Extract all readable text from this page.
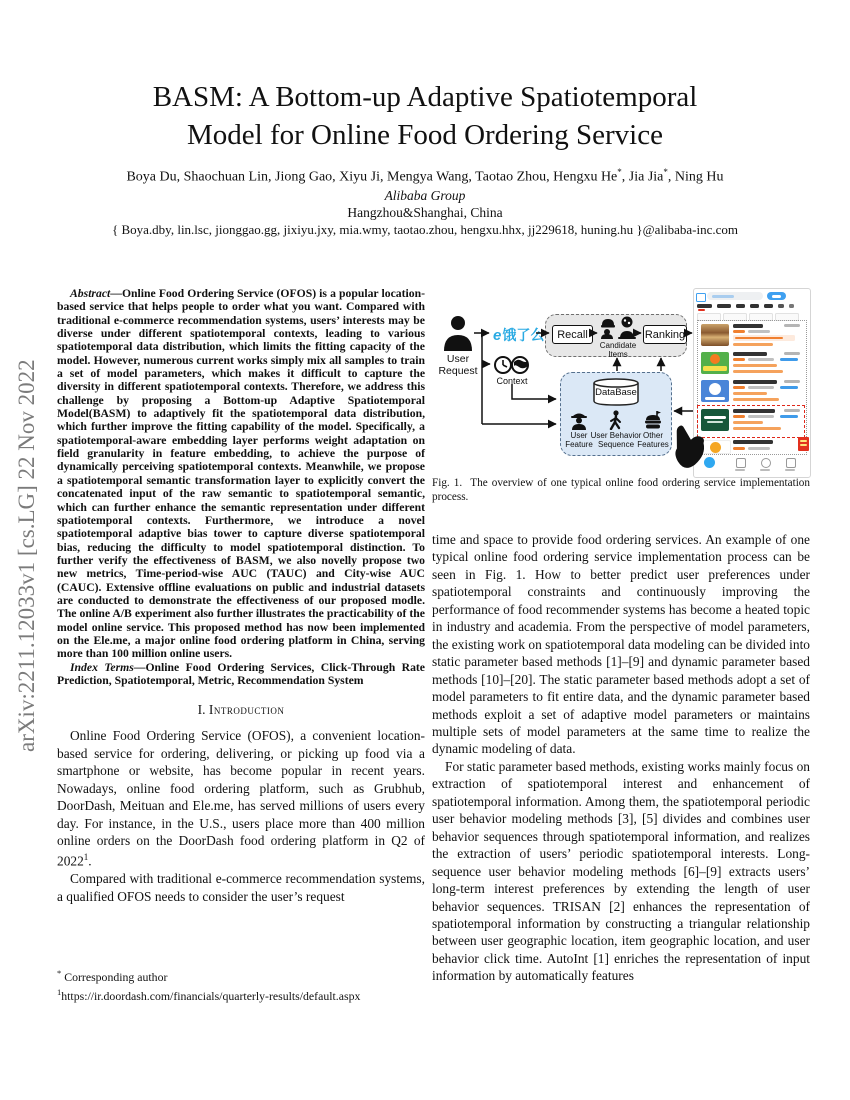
arXiv:2211.12033v1 [cs.LG] 22 Nov 2022
BASM: A Bottom-up Adaptive Spatiotemporal
Model for Online Food Ordering Service
Boya Du, Shaochuan Lin, Jiong Gao, Xiyu Ji, Mengya Wang, Taotao Zhou, Hengxu He*, Jia Jia*, Ning Hu
Alibaba Group
Hangzhou&Shanghai, China
{ Boya.dby, lin.lsc, jionggao.gg, jixiyu.jxy, mia.wmy, taotao.zhou, hengxu.hhx, jj229618, huning.hu }@alibaba-inc.com

Abstract—Online Food Ordering Service (OFOS) is a popular location-based service that helps people to order what you want. Compared with traditional e-commerce recommendation systems, users’ interests may be diverse under different spatiotemporal contexts, leading to various spatiotemporal data distribution, which limits the fitting capacity of the model. However, numerous current works simply mix all samples to train a set of model parameters, which makes it difficult to capture the diversity in different spatiotemporal contexts. Therefore, we address this challenge by proposing a Bottom-up Adaptive Spatiotemporal Model(BASM) to adaptively fit the spatiotemporal data distribution, which further improve the fitting capability of the model. Specifically, a spatiotemporal-aware embedding layer performs weight adaptation on field granularity in feature embedding, to achieve the purpose of dynamically perceiving spatiotemporal contexts. Meanwhile, we propose a spatiotemporal semantic transformation layer to explicitly convert the concatenated input of the raw semantic to spatiotemporal semantic, which can further enhance the semantic representation under different spatiotemporal contexts. Furthermore, we introduce a novel spatiotemporal adaptive bias tower to capture diverse spatiotemporal bias, reducing the difficulty to model spatiotemporal distinction. To further verify the effectiveness of BASM, we also novelly propose two new metrics, Time-period-wise AUC (TAUC) and City-wise AUC (CAUC). Extensive offline evaluations on public and industrial datasets are conducted to demonstrate the effectiveness of our proposed modle. The online A/B experiment also further illustrates the practicability of the model online service. This proposed method has now been implemented on the Ele.me, a major online food ordering platform in China, serving more than 100 million online users.

Index Terms—Online Food Ordering Services, Click-Through Rate Prediction, Spatiotemporal, Metric, Recommendation System

I. Introduction

Online Food Ordering Service (OFOS), a convenient location-based service for ordering, delivering, or picking up food via a smartphone or website, has become popular in recent years. Nowadays, online food ordering platform, such as Grubhub, DoorDash, Meituan and Ele.me, has served millions of users every day. For instance, in the U.S., users place more than 400 million online orders on the DoorDash food ordering platform in Q2 of 2022$^1$.

Compared with traditional e-commerce recommendation systems, a qualified OFOS needs to consider the user’s request

* Corresponding author
$^1$https://ir.doordash.com/financials/quarterly-results/default.aspx
User Request
e饿了么
Context
Recall	Ranking
Candidate Items
DataBase
User Feature
User Behavior Sequence
Other Features
Fig. 1. The overview of one typical online food ordering service implementation process.

time and space to provide food ordering services. An example of one typical online food ordering service implementation process can be seen in Fig. 1. How to better predict user preferences under spatiotemporal constraints and continuously improving the performance of food recommender systems has become a heated topic in industry and academia. From the perspective of model parameters, the existing work on spatiotemporal data modeling can be divided into static parameter based methods [1]–[9] and dynamic parameter based methods [10]–[20]. The static parameter based methods adopt a set of model parameters to fit entire data, and the dynamic parameter based methods exploit a set of adaptive model parameters or maintains multiple sets of model parameters at the same time to realize the dynamic modeling of data.

For static parameter based methods, existing works mainly focus on extraction of spatiotemporal interest and enhancement of spatiotemporal information. Among them, the spatiotemporal periodic user behavior modeling methods [3], [5] divides and combines user behavior sequences through spatiotemporal information, and realizes the extraction of users’ periodic spatiotemporal interests. Long-sequence user behavior modeling methods [6]–[9] extracts users’ long-term interest preferences by extending the length of user behavior sequences. TRISAN [2] enhances the representation of spatiotemporal information by constructing a triangular relationship between user geographic location, item geographic location, and user behavior click time. AutoInt [1] enriches the representation of input information by automatically features
